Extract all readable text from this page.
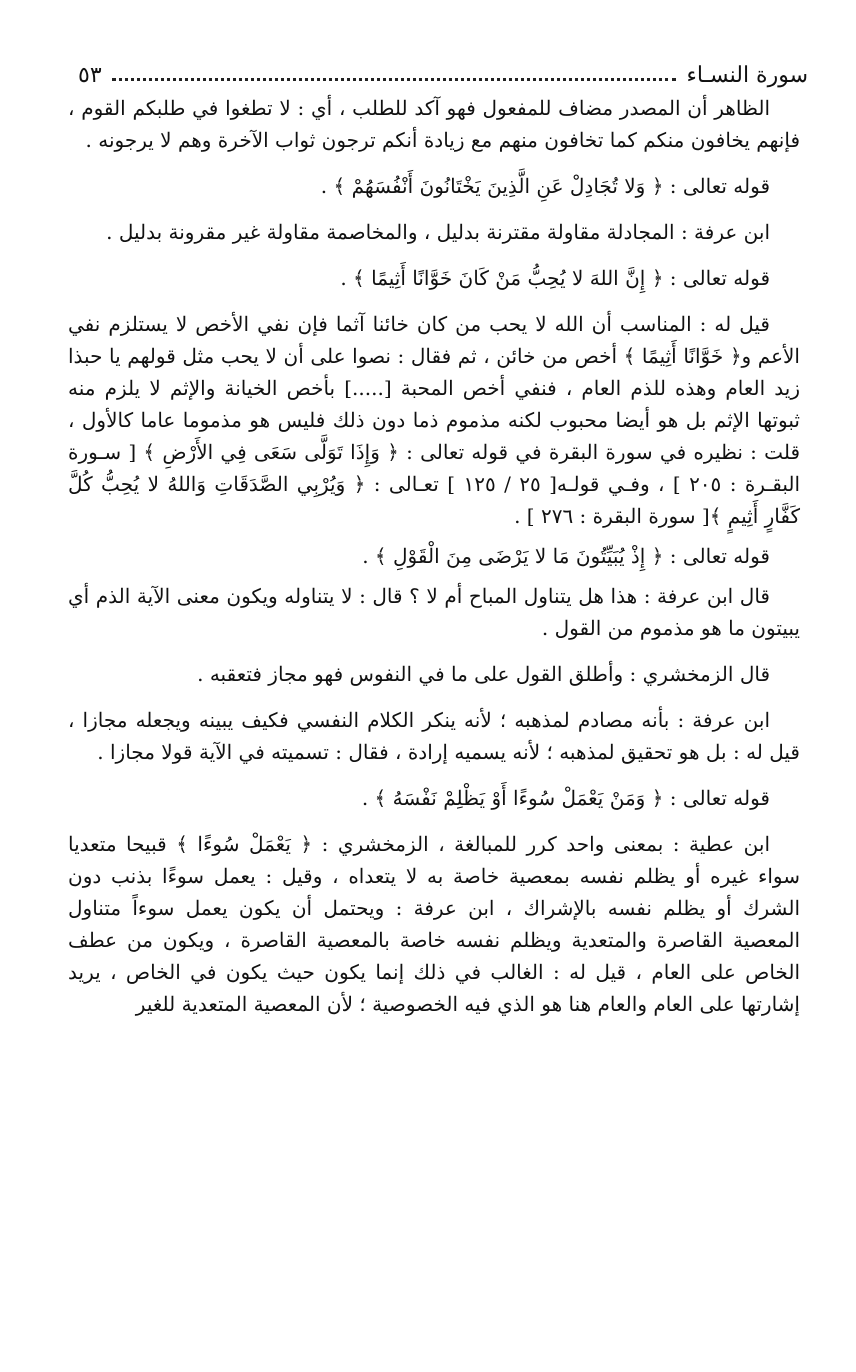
سورة النسـاء
٥٣

الظاهر أن المصدر مضاف للمفعول فهو آكد للطلب ، أي : لا تطغوا في طلبكم القوم ، فإنهم يخافون منكم كما تخافون منهم مع زيادة أنكم ترجون ثواب الآخرة وهم لا يرجونه .

قوله تعالى : ﴿ وَلا تُجَادِلْ عَنِ الَّذِينَ يَخْتَانُونَ أَنْفُسَهُمْ ﴾ .

ابن عرفة : المجادلة مقاولة مقترنة بدليل ، والمخاصمة مقاولة غير مقرونة بدليل .

قوله تعالى : ﴿ إِنَّ اللهَ لا يُحِبُّ مَنْ كَانَ خَوَّانًا أَثِيمًا ﴾ .

قيل له : المناسب أن الله لا يحب من كان خائنا آثما فإن نفي الأخص لا يستلزم نفي الأعم و﴿ خَوَّانًا أَثِيمًا ﴾ أخص من خائن ، ثم فقال : نصوا على أن لا يحب مثل قولهم يا حبذا زيد العام وهذه للذم العام ، فنفي أخص المحبة [.....] بأخص الخيانة والإثم لا يلزم منه ثبوتها الإثم بل هو أيضا محبوب لكنه مذموم ذما دون ذلك فليس هو مذموما عاما كالأول ، قلت : نظيره في سورة البقرة في قوله تعالى : ﴿ وَإِذَا تَوَلَّى سَعَى فِي الأَرْضِ ﴾ [ سـورة البقـرة : ٢٠٥ ] ، وفـي قولـه[ ٢٥ / ١٢٥ ] تعـالى : ﴿ وَيُرْبِي الصَّدَقَاتِ وَاللهُ لا يُحِبُّ كُلَّ كَفَّارٍ أَثِيمٍ ﴾[ سورة البقرة : ٢٧٦ ] .

قوله تعالى : ﴿ إِذْ يُبَيِّتُونَ مَا لا يَرْضَى مِنَ الْقَوْلِ ﴾ .

قال ابن عرفة : هذا هل يتناول المباح أم لا ؟ قال : لا يتناوله ويكون معنى الآية الذم أي يبيتون ما هو مذموم من القول .

قال الزمخشري : وأطلق القول على ما في النفوس فهو مجاز فتعقبه .

ابن عرفة : بأنه مصادم لمذهبه ؛ لأنه ينكر الكلام النفسي فكيف يبينه ويجعله مجازا ، قيل له : بل هو تحقيق لمذهبه ؛ لأنه يسميه إرادة ، فقال : تسميته في الآية قولا مجازا .

قوله تعالى : ﴿ وَمَنْ يَعْمَلْ سُوءًا أَوْ يَظْلِمْ نَفْسَهُ ﴾ .

ابن عطية : بمعنى واحد كرر للمبالغة ، الزمخشري : ﴿ يَعْمَلْ سُوءًا ﴾ قبيحا متعديا سواء غيره أو يظلم نفسه بمعصية خاصة به لا يتعداه ، وقيل : يعمل سوءًا بذنب دون الشرك أو يظلم نفسه بالإشراك ، ابن عرفة : ويحتمل أن يكون يعمل سوءاً متناول المعصية القاصرة والمتعدية ويظلم نفسه خاصة بالمعصية القاصرة ، ويكون من عطف الخاص على العام ، قيل له : الغالب في ذلك إنما يكون حيث يكون في الخاص ، يريد إشارتها على العام والعام هنا هو الذي فيه الخصوصية ؛ لأن المعصية المتعدية للغير
